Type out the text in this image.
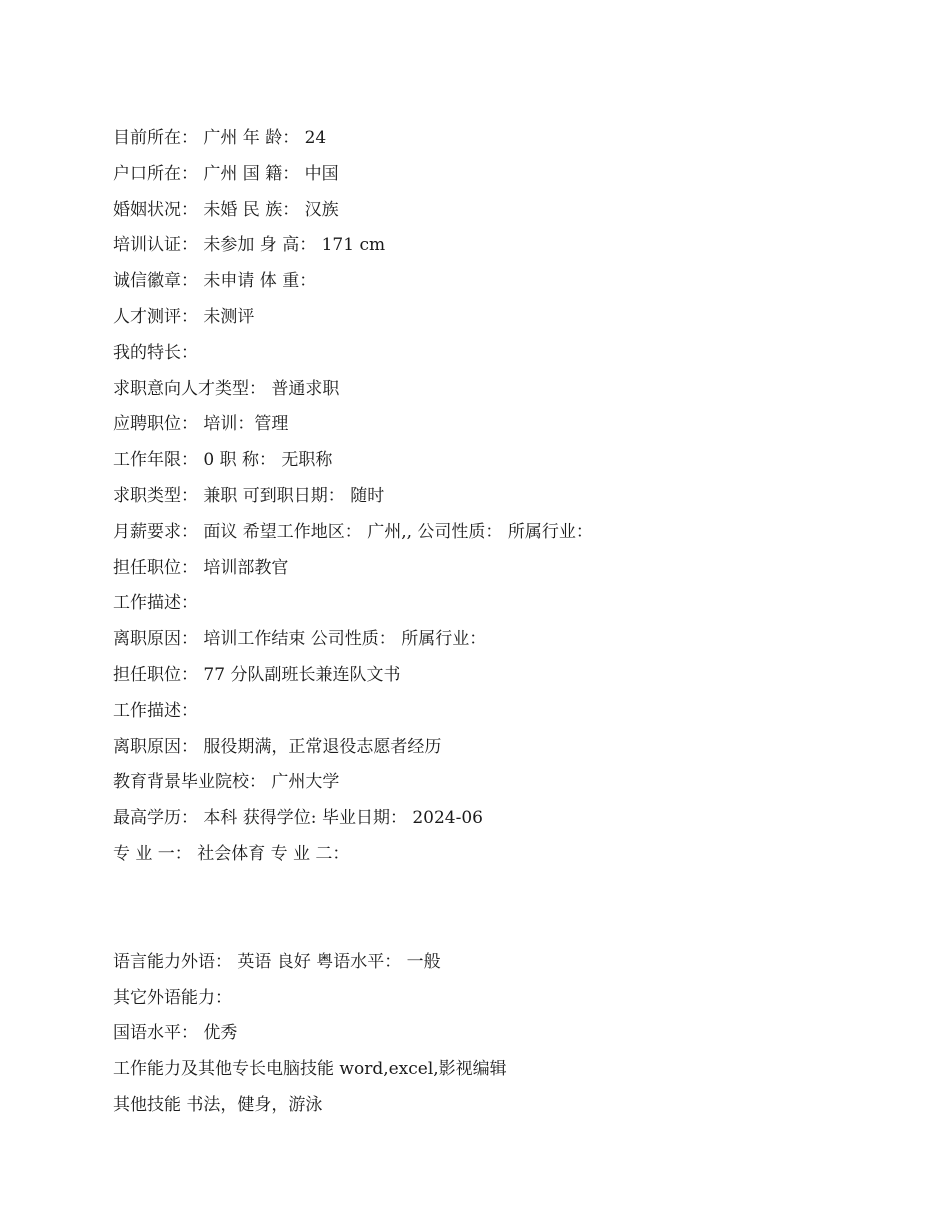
目前所在： 广州 年 龄： 24
户口所在： 广州 国 籍： 中国
婚姻状况： 未婚 民 族： 汉族
培训认证： 未参加 身 高： 171 cm
诚信徽章： 未申请 体 重：
人才测评： 未测评
我的特长：
求职意向人才类型： 普通求职
应聘职位： 培训：管理
工作年限： 0 职 称： 无职称
求职类型： 兼职 可到职日期： 随时
月薪要求： 面议 希望工作地区： 广州,, 公司性质： 所属行业：
担任职位： 培训部教官
工作描述：
离职原因： 培训工作结束 公司性质： 所属行业：
担任职位： 77 分队副班长兼连队文书
工作描述：
离职原因： 服役期满，正常退役志愿者经历
教育背景毕业院校： 广州大学
最高学历： 本科 获得学位: 毕业日期： 2024-06
专 业 一： 社会体育 专 业 二：
语言能力外语： 英语 良好 粤语水平： 一般
其它外语能力：
国语水平： 优秀
工作能力及其他专长电脑技能 word,excel,影视编辑
其他技能 书法，健身，游泳
